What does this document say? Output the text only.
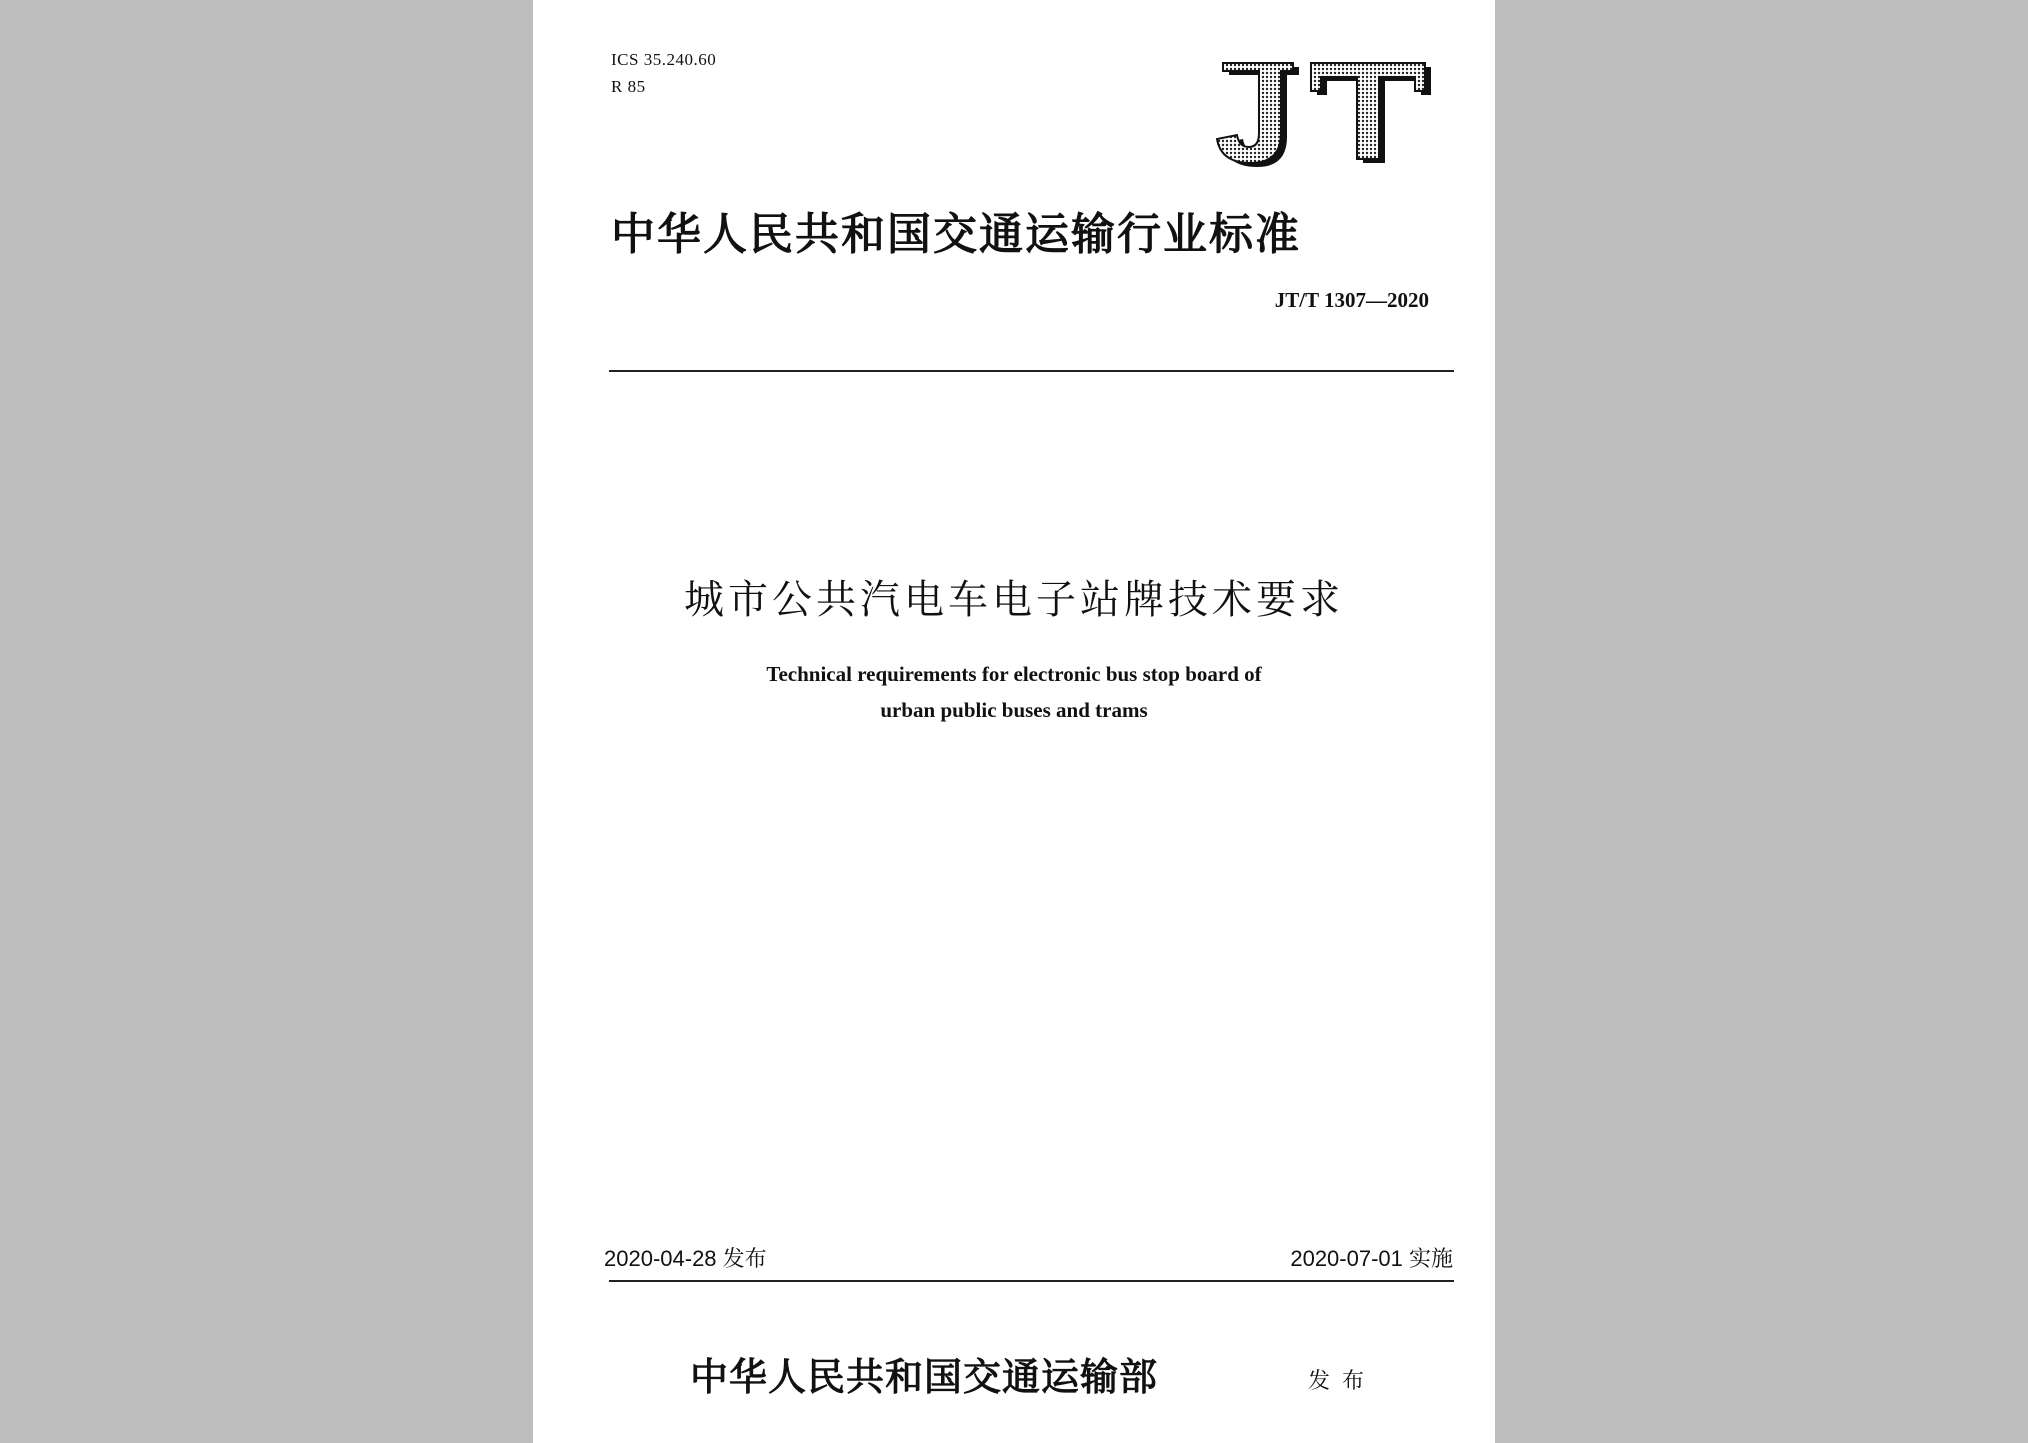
ICS 35.240.60
R 85
中华人民共和国交通运输行业标准
JT/T 1307—2020
城市公共汽电车电子站牌技术要求
Technical requirements for electronic bus stop board of
urban public buses and trams
2020-04-28 发布	2020-07-01 实施
中华人民共和国交通运输部	发布
